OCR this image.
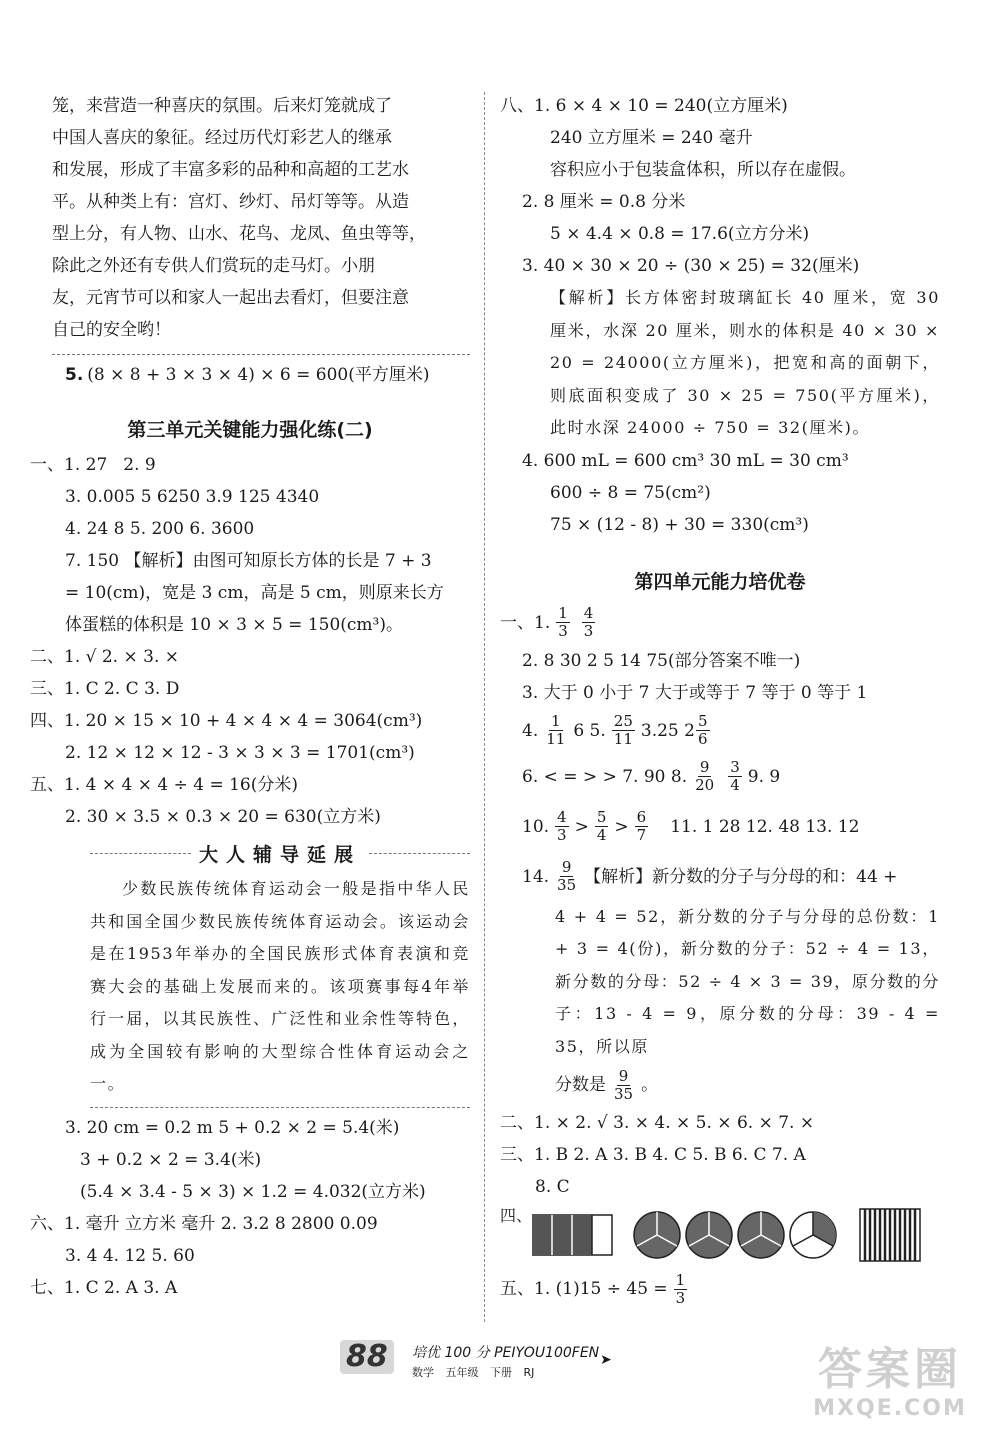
笼，来营造一种喜庆的氛围。后来灯笼就成了
中国人喜庆的象征。经过历代灯彩艺人的继承
和发展，形成了丰富多彩的品种和高超的工艺水
平。从种类上有：宫灯、纱灯、吊灯等等。从造
型上分，有人物、山水、花鸟、龙凤、鱼虫等等，
除此之外还有专供人们赏玩的走马灯。小朋
友，元宵节可以和家人一起出去看灯，但要注意
自己的安全哟！
5. (8 × 8 + 3 × 3 × 4) × 6 = 600(平方厘米)
第三单元关键能力强化练(二)
一、 1. 27 2. 9
3. 0.005 5 6250 3.9 125 4340
4. 24 8 5. 200 6. 3600
7. 150 【解析】由图可知原长方体的长是 7 + 3
= 10(cm)，宽是 3 cm，高是 5 cm，则原来长方
体蛋糕的体积是 10 × 3 × 5 = 150(cm³)。
二、1. √ 2. × 3. ×
三、1. C 2. C 3. D
四、1. 20 × 15 × 10 + 4 × 4 × 4 = 3064(cm³)
2. 12 × 12 × 12 - 3 × 3 × 3 = 1701(cm³)
五、1. 4 × 4 × 4 ÷ 4 = 16(分米)
2. 30 × 3.5 × 0.3 × 20 = 630(立方米)
大人辅导延展

少数民族传统体育运动会一般是指中华人民共和国全国少数民族传统体育运动会。该运动会是在1953年举办的全国民族形式体育表演和竞赛大会的基础上发展而来的。该项赛事每4年举行一届，以其民族性、广泛性和业余性等特色，成为全国较有影响的大型综合性体育运动会之一。

3. 20 cm = 0.2 m 5 + 0.2 × 2 = 5.4(米)
3 + 0.2 × 2 = 3.4(米)
(5.4 × 3.4 - 5 × 3) × 1.2 = 4.032(立方米)
六、1. 毫升 立方米 毫升 2. 3.2 8 2800 0.09
3. 4 4. 12 5. 60
七、1. C 2. A 3. A
八、1. 6 × 4 × 10 = 240(立方厘米)
240 立方厘米 = 240 毫升
容积应小于包装盒体积，所以存在虚假。
2. 8 厘米 = 0.8 分米
5 × 4.4 × 0.8 = 17.6(立方分米)
3. 40 × 30 × 20 ÷ (30 × 25) = 32(厘米)

【解析】长方体密封玻璃缸长 40 厘米，宽 30 厘米，水深 20 厘米，则水的体积是 40 × 30 × 20 = 24000(立方厘米)，把宽和高的面朝下，则底面积变成了 30 × 25 = 750(平方厘米)，此时水深 24000 ÷ 750 = 32(厘米)。

4. 600 mL = 600 cm³ 30 mL = 30 cm³
600 ÷ 8 = 75(cm²)
75 × (12 - 8) + 30 = 330(cm³)
第四单元能力培优卷
一、1. $\frac{1}{3} \frac{4}{3}$
2. 8 30 2 5 14 75(部分答案不唯一)
3. 大于 0 小于 7 大于或等于 7 等于 0 等于 1
4. $\frac{1}{11} 6$ 5. $\frac{25}{11} 3.25$ $2 \frac{5}{6}$
6. < = > > 7. 90 8. $\frac{9}{20} \frac{3}{4} 9$. 9
10. $\frac{4}{3} > \frac{5}{4} > \frac{6}{7} 11$. 1 28 12. 48 13. 12
14. $\frac{9}{35}$ 【解析】新分数的分子与分母的和：44 +

4 + 4 = 52，新分数的分子与分母的总份数：1 + 3 = 4(份)，新分数的分子：52 ÷ 4 = 13，新分数的分母：52 ÷ 4 × 3 = 39，原分数的分子：13 - 4 = 9，原分数的分母：39 - 4 = 35，所以原

分数是 $\frac{9}{35}$ 。
二、1. × 2. √ 3. × 4. × 5. × 6. × 7. ×
三、1. B 2. A 3. B 4. C 5. B 6. C 7. A
8. C
四、
五、1. $(1)15 \div 45 = \frac{1}{3}$
88	培优 100 分 PEIYOU100FEN
数学 五年级 下册 RJ
➤	答案圈
MXQE.COM
